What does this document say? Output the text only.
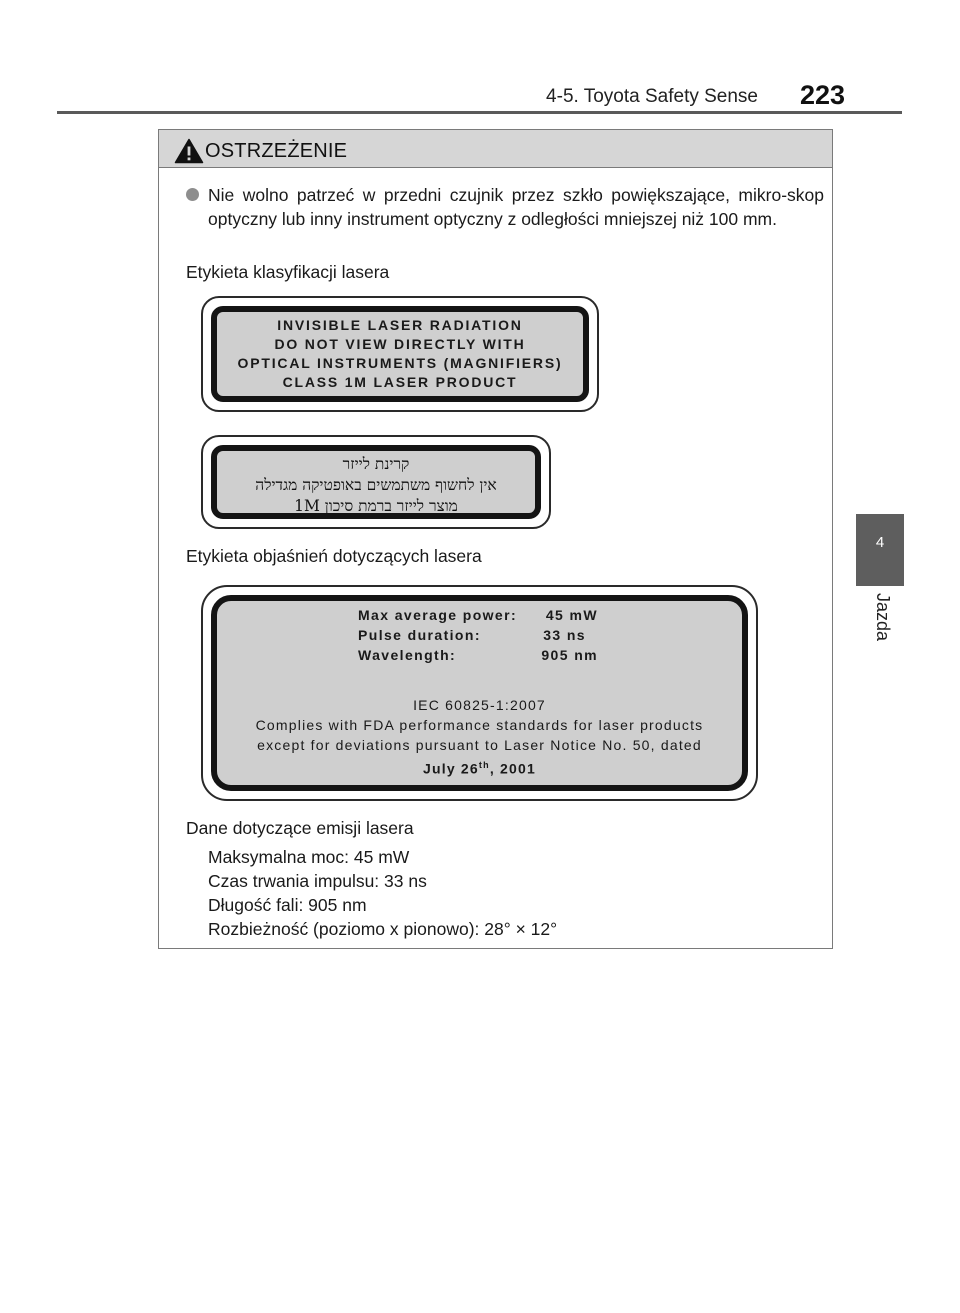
4-5. Toyota Safety Sense 223
4
Jazda
OSTRZEŻENIE
Nie wolno patrzeć w przedni czujnik przez szkło powiększające, mikro-skop optyczny lub inny instrument optyczny z odległości mniejszej niż 100 mm.
Etykieta klasyfikacji lasera
INVISIBLE LASER RADIATION
DO NOT VIEW DIRECTLY WITH
OPTICAL INSTRUMENTS (MAGNIFIERS)
CLASS 1M LASER PRODUCT
קרינת לייזר
אין לחשוף משתמשים באופטיקה מגדילה
מוצר לייזר ברמת סיכון 1M
Etykieta objaśnień dotyczących lasera
Max average power: 45 mW
Pulse duration:	33 ns
Wavelength:	905 nm
IEC 60825-1:2007
Complies with FDA performance standards for laser products
except for deviations pursuant to Laser Notice No. 50, dated
July 26th, 2001
Dane dotyczące emisji lasera
Maksymalna moc: 45 mW
Czas trwania impulsu: 33 ns
Długość fali: 905 nm
Rozbieżność (poziomo x pionowo): 28° × 12°
